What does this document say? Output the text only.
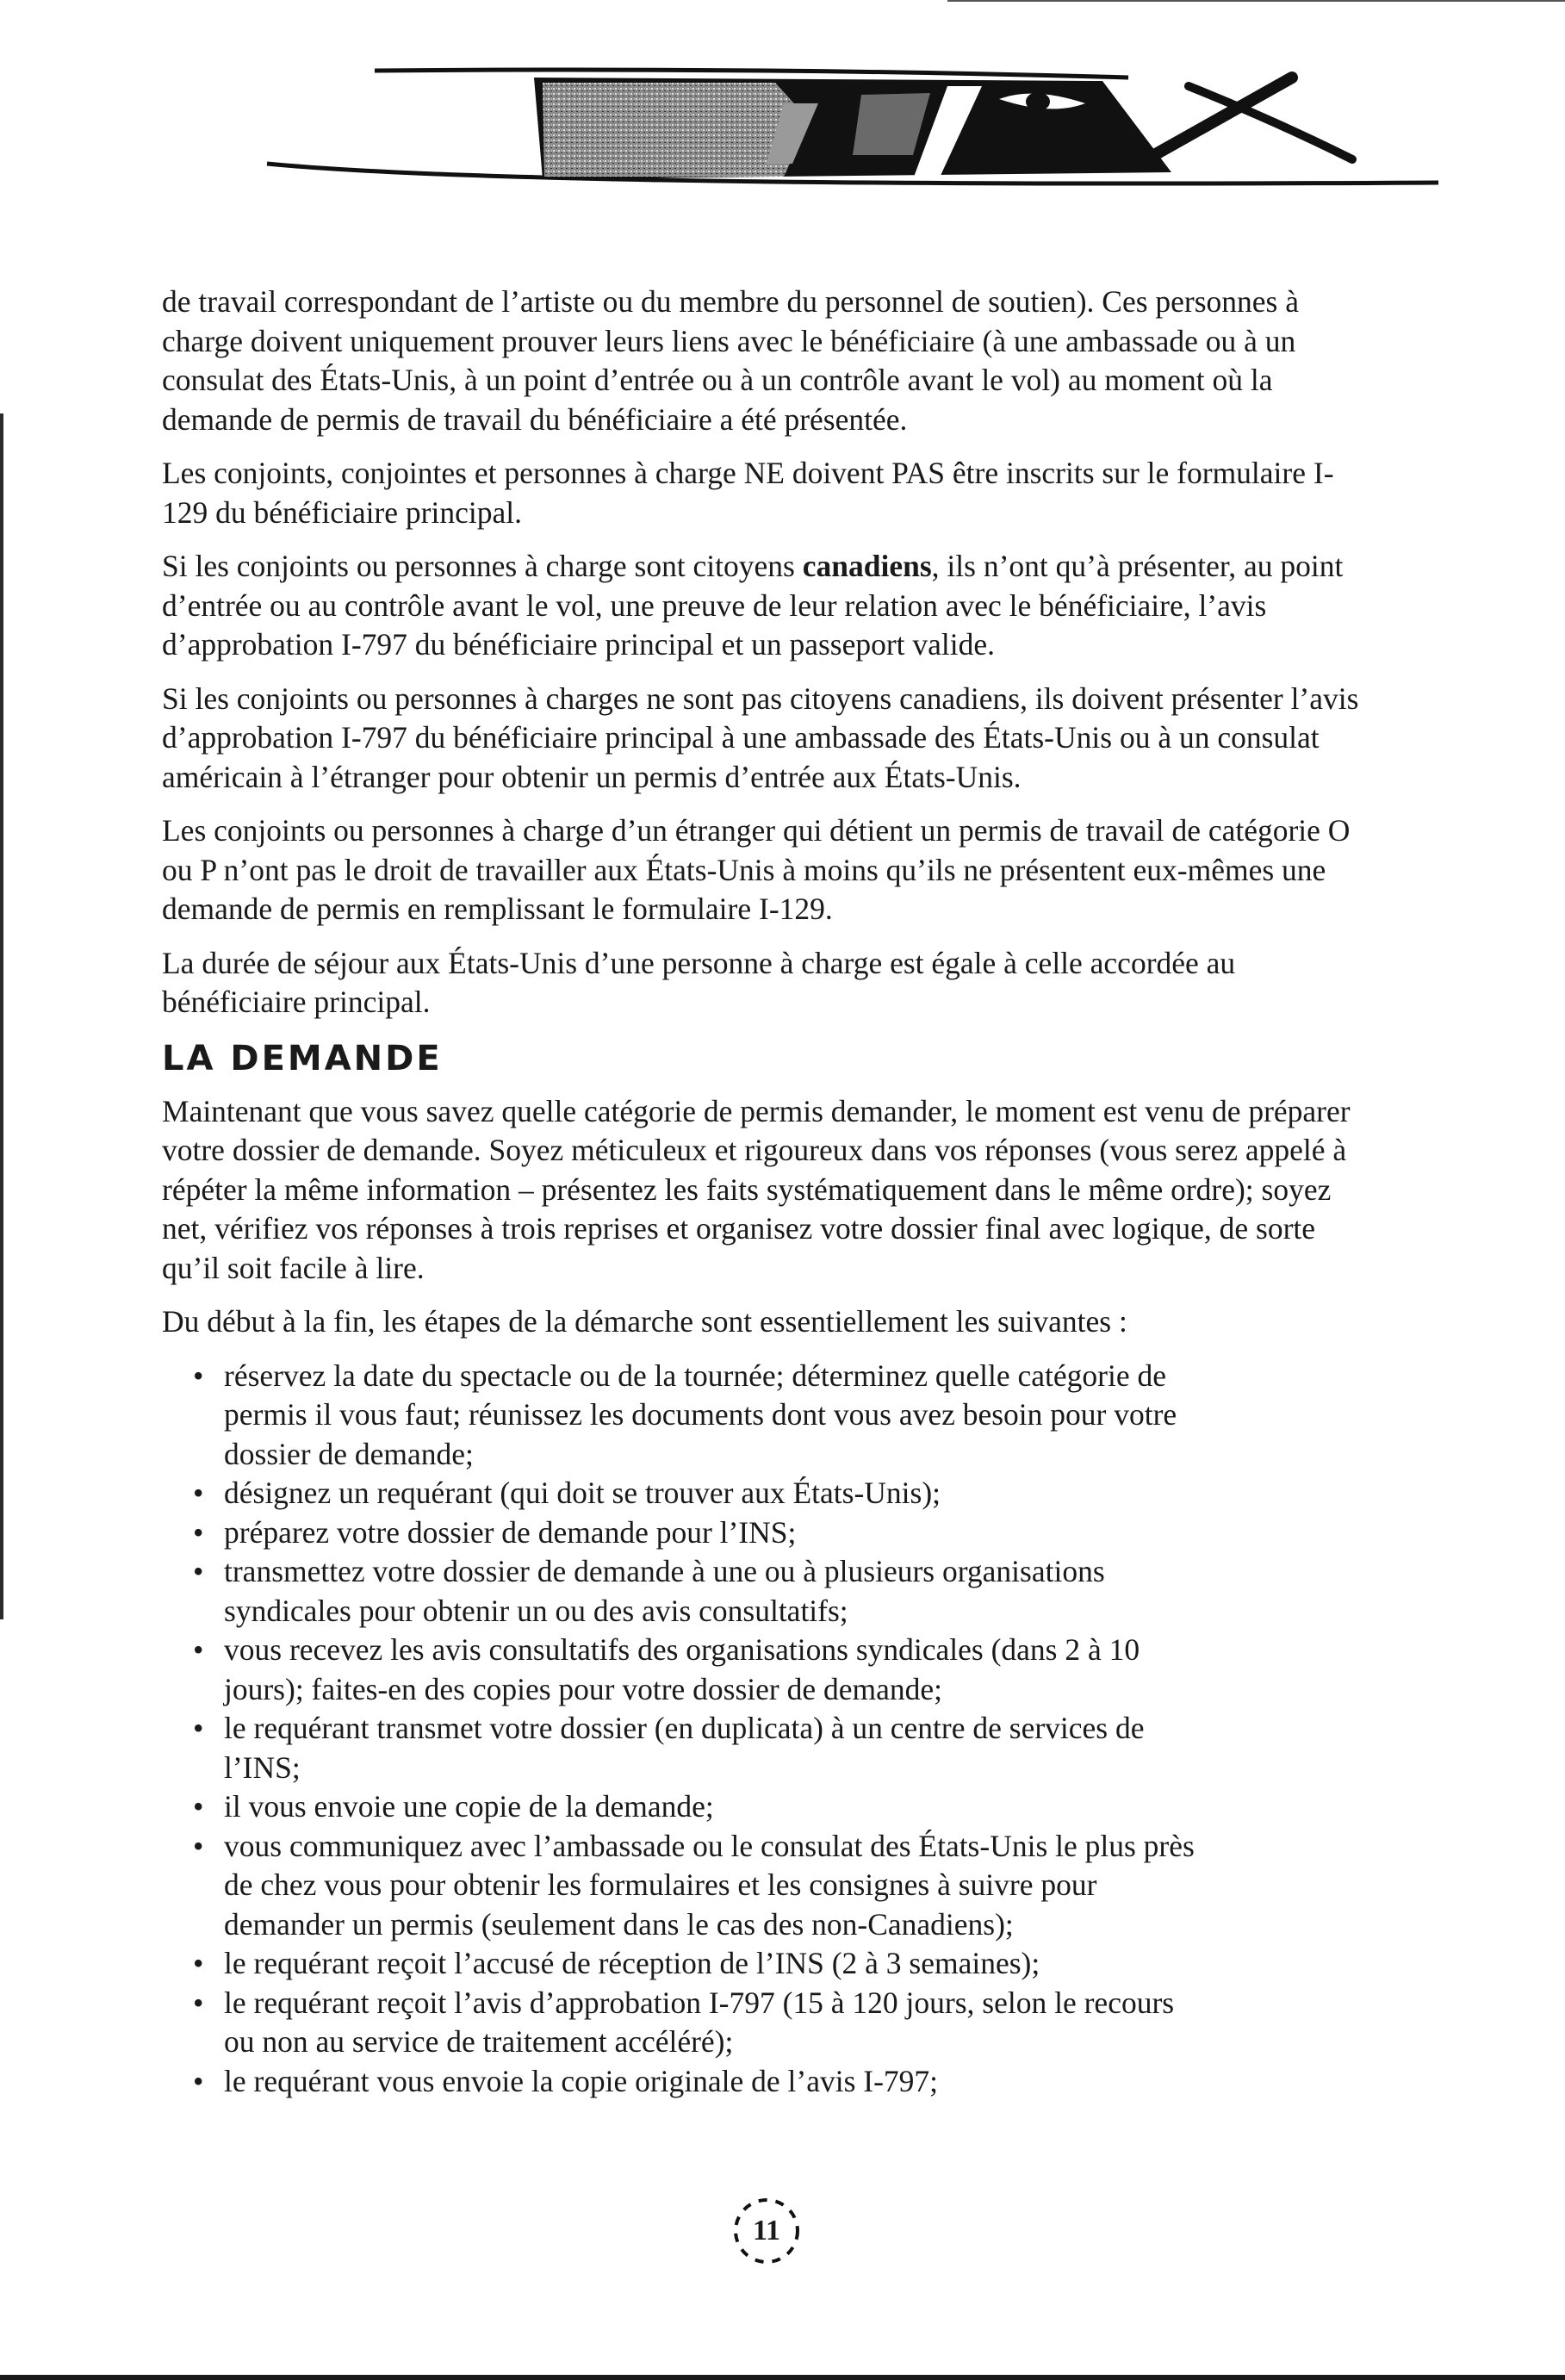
de travail correspondant de l’artiste ou du membre du personnel de soutien). Ces personnes à charge doivent uniquement prouver leurs liens avec le bénéficiaire (à une ambassade ou à un consulat des États-Unis, à un point d’entrée ou à un contrôle avant le vol) au moment où la demande de permis de travail du bénéficiaire a été présentée.

Les conjoints, conjointes et personnes à charge NE doivent PAS être inscrits sur le formulaire I-129 du bénéficiaire principal.

Si les conjoints ou personnes à charge sont citoyens canadiens, ils n’ont qu’à présenter, au point d’entrée ou au contrôle avant le vol, une preuve de leur relation avec le bénéficiaire, l’avis d’approbation I-797 du bénéficiaire principal et un passeport valide.

Si les conjoints ou personnes à charges ne sont pas citoyens canadiens, ils doivent présenter l’avis d’approbation I-797 du bénéficiaire principal à une ambassade des États-Unis ou à un consulat américain à l’étranger pour obtenir un permis d’entrée aux États-Unis.

Les conjoints ou personnes à charge d’un étranger qui détient un permis de travail de catégorie O ou P n’ont pas le droit de travailler aux États-Unis à moins qu’ils ne présentent eux-mêmes une demande de permis en remplissant le formulaire I-129.

La durée de séjour aux États-Unis d’une personne à charge est égale à celle accordée au bénéficiaire principal.

LA DEMANDE

Maintenant que vous savez quelle catégorie de permis demander, le moment est venu de préparer votre dossier de demande. Soyez méticuleux et rigoureux dans vos réponses (vous serez appelé à répéter la même information – présentez les faits systématiquement dans le même ordre); soyez net, vérifiez vos réponses à trois reprises et organisez votre dossier final avec logique, de sorte qu’il soit facile à lire.

Du début à la fin, les étapes de la démarche sont essentiellement les suivantes :

• réservez la date du spectacle ou de la tournée; déterminez quelle catégorie de permis il vous faut; réunissez les documents dont vous avez besoin pour votre dossier de demande;
• désignez un requérant (qui doit se trouver aux États-Unis);
• préparez votre dossier de demande pour l’INS;
• transmettez votre dossier de demande à une ou à plusieurs organisations syndicales pour obtenir un ou des avis consultatifs;
• vous recevez les avis consultatifs des organisations syndicales (dans 2 à 10 jours); faites-en des copies pour votre dossier de demande;
• le requérant transmet votre dossier (en duplicata) à un centre de services de l’INS;
• il vous envoie une copie de la demande;
• vous communiquez avec l’ambassade ou le consulat des États-Unis le plus près de chez vous pour obtenir les formulaires et les consignes à suivre pour demander un permis (seulement dans le cas des non-Canadiens);
• le requérant reçoit l’accusé de réception de l’INS (2 à 3 semaines);
• le requérant reçoit l’avis d’approbation I-797 (15 à 120 jours, selon le recours ou non au service de traitement accéléré);
• le requérant vous envoie la copie originale de l’avis I-797;
11
